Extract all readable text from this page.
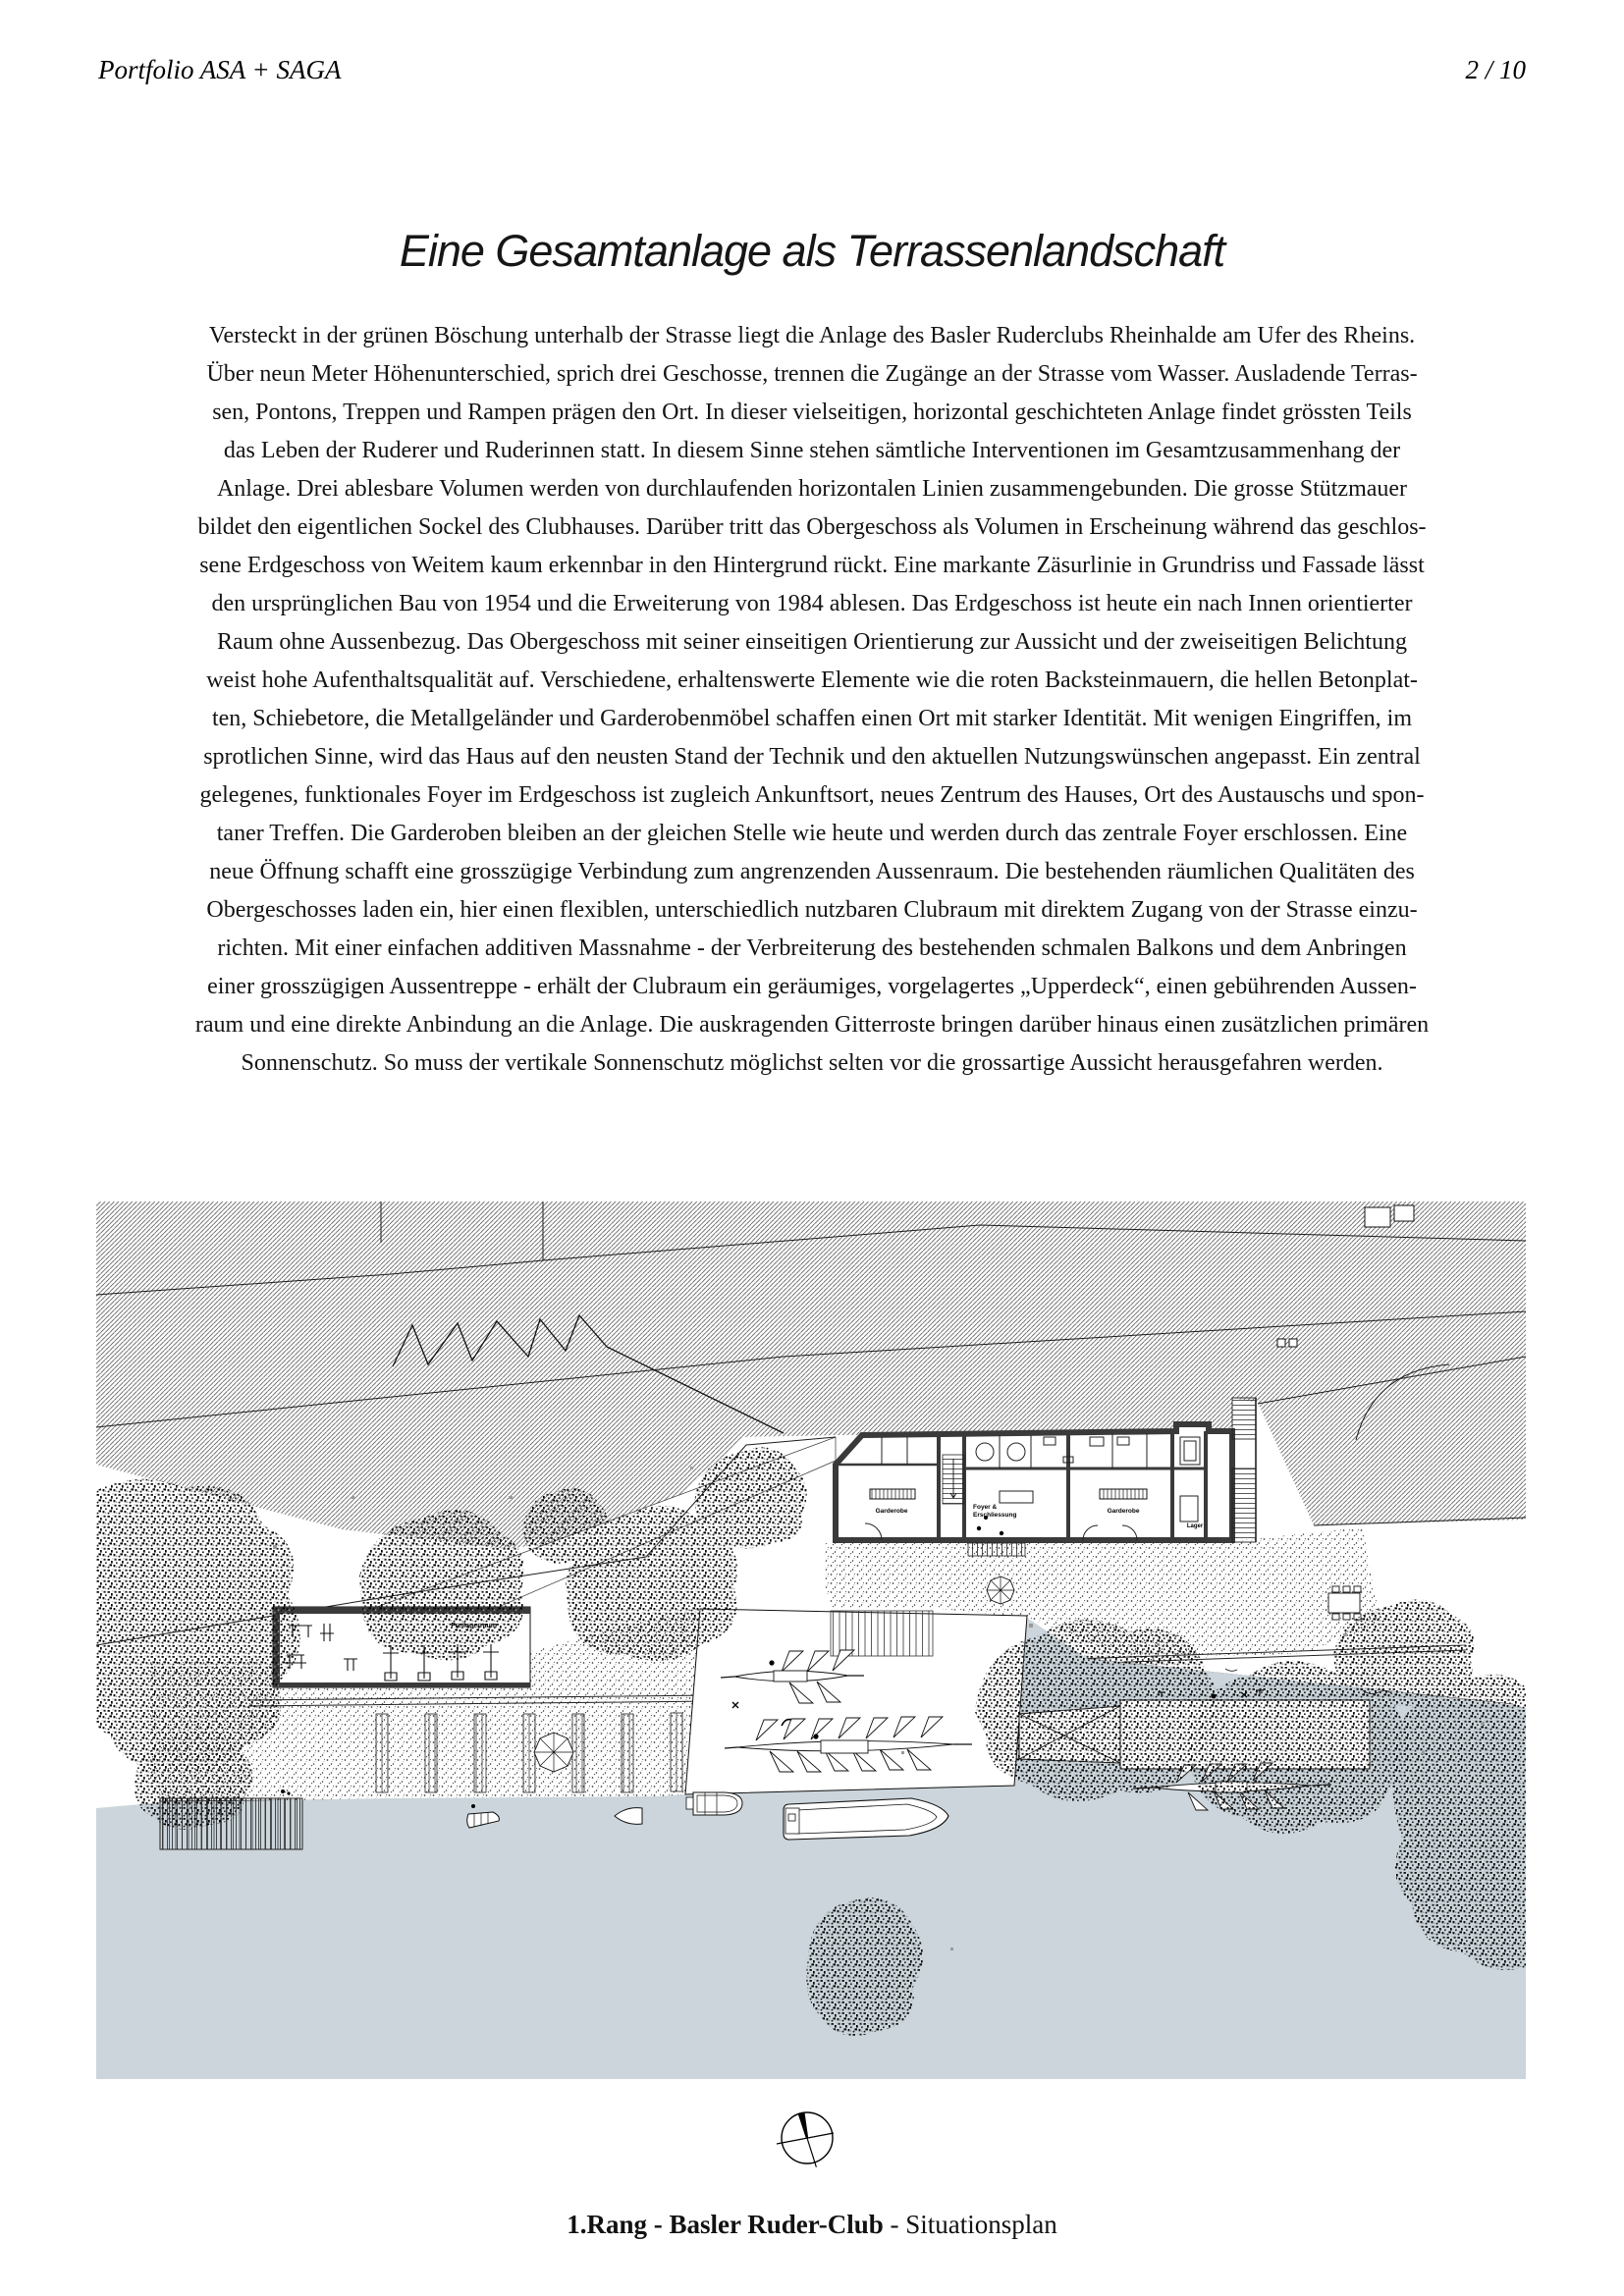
Portfolio ASA + SAGA	2 / 10
Eine Gesamtanlage als Terrassenlandschaft
Versteckt in der grünen Böschung unterhalb der Strasse liegt die Anlage des Basler Ruderclubs Rheinhalde am Ufer des Rheins.
Über neun Meter Höhenunterschied, sprich drei Geschosse, trennen die Zugänge an der Strasse vom Wasser. Ausladende Terras-
sen, Pontons, Treppen und Rampen prägen den Ort. In dieser vielseitigen, horizontal geschichteten Anlage findet grössten Teils
das Leben der Ruderer und Ruderinnen statt. In diesem Sinne stehen sämtliche Interventionen im Gesamtzusammenhang der
Anlage. Drei ablesbare Volumen werden von durchlaufenden horizontalen Linien zusammengebunden. Die grosse Stützmauer
bildet den eigentlichen Sockel des Clubhauses. Darüber tritt das Obergeschoss als Volumen in Erscheinung während das geschlos-
sene Erdgeschoss von Weitem kaum erkennbar in den Hintergrund rückt. Eine markante Zäsurlinie in Grundriss und Fassade lässt
den ursprünglichen Bau von 1954 und die Erweiterung von 1984 ablesen. Das Erdgeschoss ist heute ein nach Innen orientierter
Raum ohne Aussenbezug. Das Obergeschoss mit seiner einseitigen Orientierung zur Aussicht und der zweiseitigen Belichtung
weist hohe Aufenthaltsqualität auf. Verschiedene, erhaltenswerte Elemente wie die roten Backsteinmauern, die hellen Betonplat-
ten, Schiebetore, die Metallgeländer und Garderobenmöbel schaffen einen Ort mit starker Identität. Mit wenigen Eingriffen, im
sprotlichen Sinne, wird das Haus auf den neusten Stand der Technik und den aktuellen Nutzungswünschen angepasst. Ein zentral
gelegenes, funktionales Foyer im Erdgeschoss ist zugleich Ankunftsort, neues Zentrum des Hauses, Ort des Austauschs und spon-
taner Treffen. Die Garderoben bleiben an der gleichen Stelle wie heute und werden durch das zentrale Foyer erschlossen. Eine
neue Öffnung schafft eine grosszügige Verbindung zum angrenzenden Aussenraum. Die bestehenden räumlichen Qualitäten des
Obergeschosses laden ein, hier einen flexiblen, unterschiedlich nutzbaren Clubraum mit direktem Zugang von der Strasse einzu-
richten. Mit einer einfachen additiven Massnahme - der Verbreiterung des bestehenden schmalen Balkons und dem Anbringen
einer grosszügigen Aussentreppe - erhält der Clubraum ein geräumiges, vorgelagertes „Upperdeck“, einen gebührenden Aussen-
raum und eine direkte Anbindung an die Anlage. Die auskragenden Gitterroste bringen darüber hinaus einen zusätzlichen primären
Sonnenschutz. So muss der vertikale Sonnenschutz möglichst selten vor die grossartige Aussicht herausgefahren werden.
Garderobe
Foyer &
Erschliessung
Garderobe
Lager
1.Rang - Basler Ruder-Club - Situationsplan
